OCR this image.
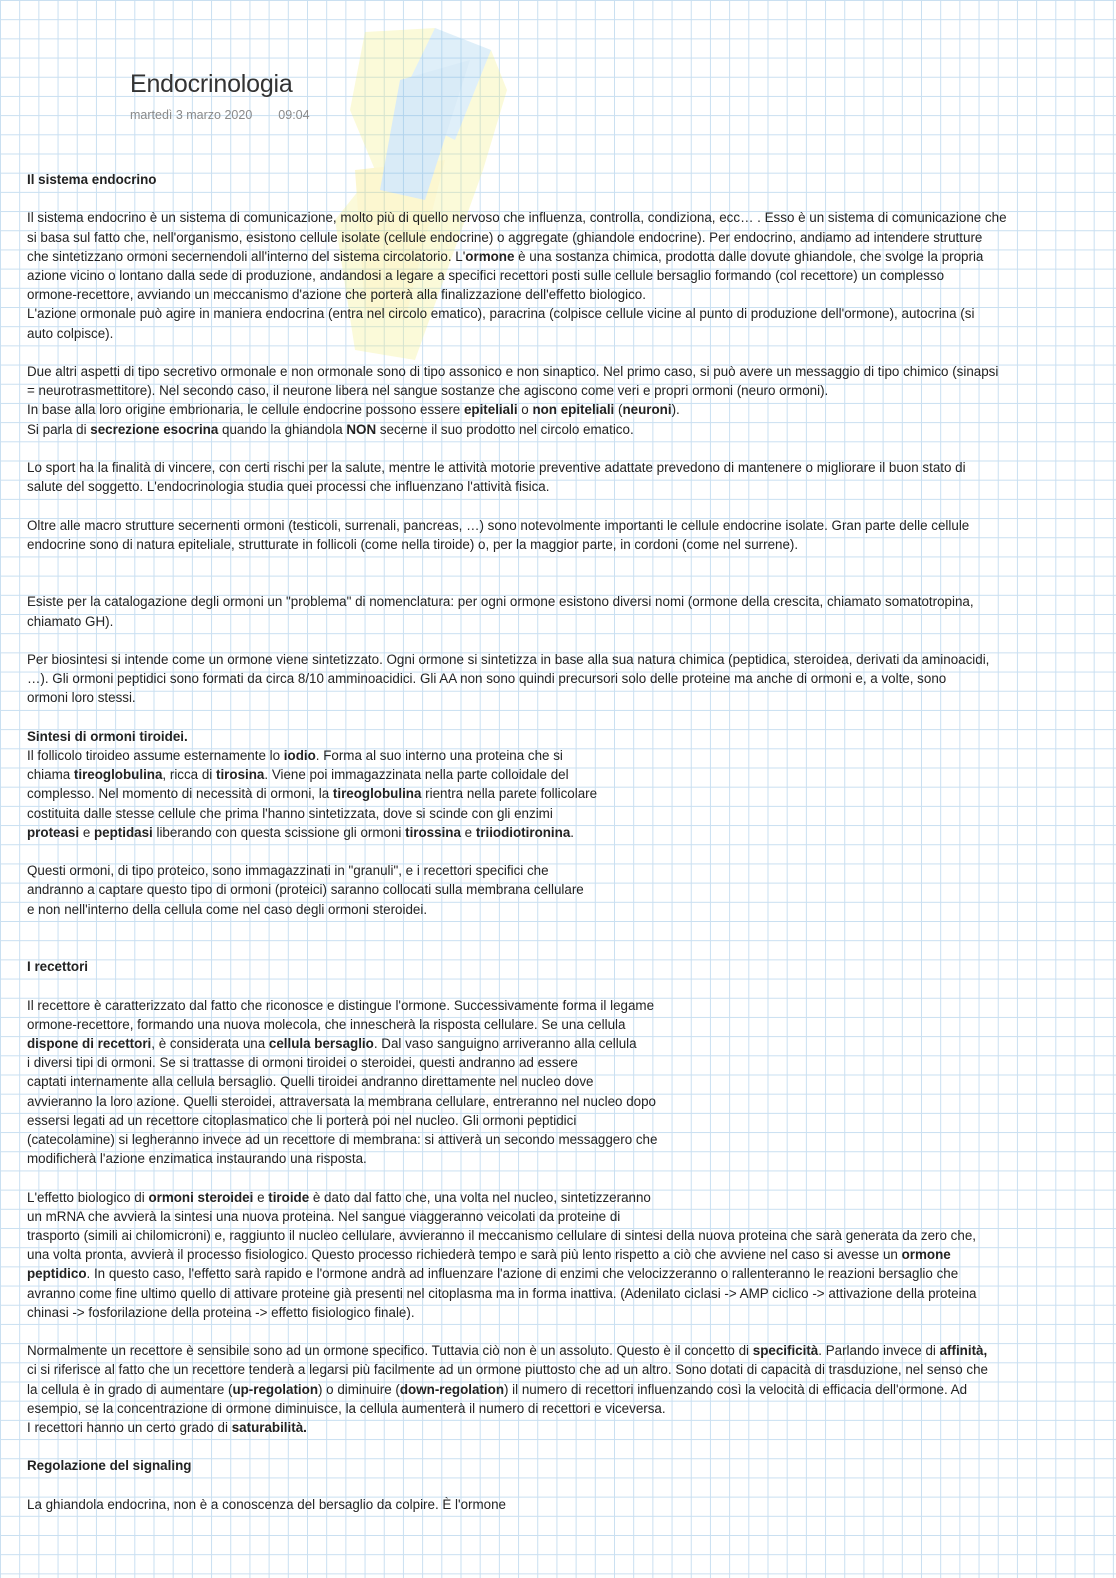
Endocrinologia
martedì 3 marzo 2020 09:04

Il sistema endocrino

Il sistema endocrino è un sistema di comunicazione, molto più di quello nervoso che influenza, controlla, condiziona, ecc… . Esso è un sistema di comunicazione che

si basa sul fatto che, nell'organismo, esistono cellule isolate (cellule endocrine) o aggregate (ghiandole endocrine). Per endocrino, andiamo ad intendere strutture

che sintetizzano ormoni secernendoli all'interno del sistema circolatorio. L'ormone è una sostanza chimica, prodotta dalle dovute ghiandole, che svolge la propria

azione vicino o lontano dalla sede di produzione, andandosi a legare a specifici recettori posti sulle cellule bersaglio formando (col recettore) un complesso

ormone-recettore, avviando un meccanismo d'azione che porterà alla finalizzazione dell'effetto biologico.

L'azione ormonale può agire in maniera endocrina (entra nel circolo ematico), paracrina (colpisce cellule vicine al punto di produzione dell'ormone), autocrina (si

auto colpisce).

Due altri aspetti di tipo secretivo ormonale e non ormonale sono di tipo assonico e non sinaptico. Nel primo caso, si può avere un messaggio di tipo chimico (sinapsi

= neurotrasmettitore). Nel secondo caso, il neurone libera nel sangue sostanze che agiscono come veri e propri ormoni (neuro ormoni).

In base alla loro origine embrionaria, le cellule endocrine possono essere epiteliali o non epiteliali (neuroni).

Si parla di secrezione esocrina quando la ghiandola NON secerne il suo prodotto nel circolo ematico.

Lo sport ha la finalità di vincere, con certi rischi per la salute, mentre le attività motorie preventive adattate prevedono di mantenere o migliorare il buon stato di

salute del soggetto. L'endocrinologia studia quei processi che influenzano l'attività fisica.

Oltre alle macro strutture secernenti ormoni (testicoli, surrenali, pancreas, …) sono notevolmente importanti le cellule endocrine isolate. Gran parte delle cellule

endocrine sono di natura epiteliale, strutturate in follicoli (come nella tiroide) o, per la maggior parte, in cordoni (come nel surrene).

Esiste per la catalogazione degli ormoni un "problema" di nomenclatura: per ogni ormone esistono diversi nomi (ormone della crescita, chiamato somatotropina,

chiamato GH).

Per biosintesi si intende come un ormone viene sintetizzato. Ogni ormone si sintetizza in base alla sua natura chimica (peptidica, steroidea, derivati da aminoacidi,

…). Gli ormoni peptidici sono formati da circa 8/10 amminoacidici. Gli AA non sono quindi precursori solo delle proteine ma anche di ormoni e, a volte, sono

ormoni loro stessi.

Sintesi di ormoni tiroidei.

Il follicolo tiroideo assume esternamente lo iodio. Forma al suo interno una proteina che si

chiama tireoglobulina, ricca di tirosina. Viene poi immagazzinata nella parte colloidale del

complesso. Nel momento di necessità di ormoni, la tireoglobulina rientra nella parete follicolare

costituita dalle stesse cellule che prima l'hanno sintetizzata, dove si scinde con gli enzimi

proteasi e peptidasi liberando con questa scissione gli ormoni tirossina e triiodiotironina.

Questi ormoni, di tipo proteico, sono immagazzinati in "granuli", e i recettori specifici che

andranno a captare questo tipo di ormoni (proteici) saranno collocati sulla membrana cellulare

e non nell'interno della cellula come nel caso degli ormoni steroidei.

I recettori

Il recettore è caratterizzato dal fatto che riconosce e distingue l'ormone. Successivamente forma il legame

ormone-recettore, formando una nuova molecola, che innescherà la risposta cellulare. Se una cellula

dispone di recettori, è considerata una cellula bersaglio. Dal vaso sanguigno arriveranno alla cellula

i diversi tipi di ormoni. Se si trattasse di ormoni tiroidei o steroidei, questi andranno ad essere

captati internamente alla cellula bersaglio. Quelli tiroidei andranno direttamente nel nucleo dove

avvieranno la loro azione. Quelli steroidei, attraversata la membrana cellulare, entreranno nel nucleo dopo

essersi legati ad un recettore citoplasmatico che li porterà poi nel nucleo. Gli ormoni peptidici

(catecolamine) si legheranno invece ad un recettore di membrana: si attiverà un secondo messaggero che

modificherà l'azione enzimatica instaurando una risposta.

L'effetto biologico di ormoni steroidei e tiroide è dato dal fatto che, una volta nel nucleo, sintetizzeranno

un mRNA che avvierà la sintesi una nuova proteina. Nel sangue viaggeranno veicolati da proteine di

trasporto (simili ai chilomicroni) e, raggiunto il nucleo cellulare, avvieranno il meccanismo cellulare di sintesi della nuova proteina che sarà generata da zero che,

una volta pronta, avvierà il processo fisiologico. Questo processo richiederà tempo e sarà più lento rispetto a ciò che avviene nel caso si avesse un ormone

peptidico. In questo caso, l'effetto sarà rapido e l'ormone andrà ad influenzare l'azione di enzimi che velocizzeranno o rallenteranno le reazioni bersaglio che

avranno come fine ultimo quello di attivare proteine già presenti nel citoplasma ma in forma inattiva. (Adenilato ciclasi -> AMP ciclico -> attivazione della proteina

chinasi -> fosforilazione della proteina -> effetto fisiologico finale).

Normalmente un recettore è sensibile sono ad un ormone specifico. Tuttavia ciò non è un assoluto. Questo è il concetto di specificità. Parlando invece di affinità,

ci si riferisce al fatto che un recettore tenderà a legarsi più facilmente ad un ormone piuttosto che ad un altro. Sono dotati di capacità di trasduzione, nel senso che

la cellula è in grado di aumentare (up-regolation) o diminuire (down-regolation) il numero di recettori influenzando così la velocità di efficacia dell'ormone. Ad

esempio, se la concentrazione di ormone diminuisce, la cellula aumenterà il numero di recettori e viceversa.

I recettori hanno un certo grado di saturabilità.

Regolazione del signaling

La ghiandola endocrina, non è a conoscenza del bersaglio da colpire. È l'ormone
